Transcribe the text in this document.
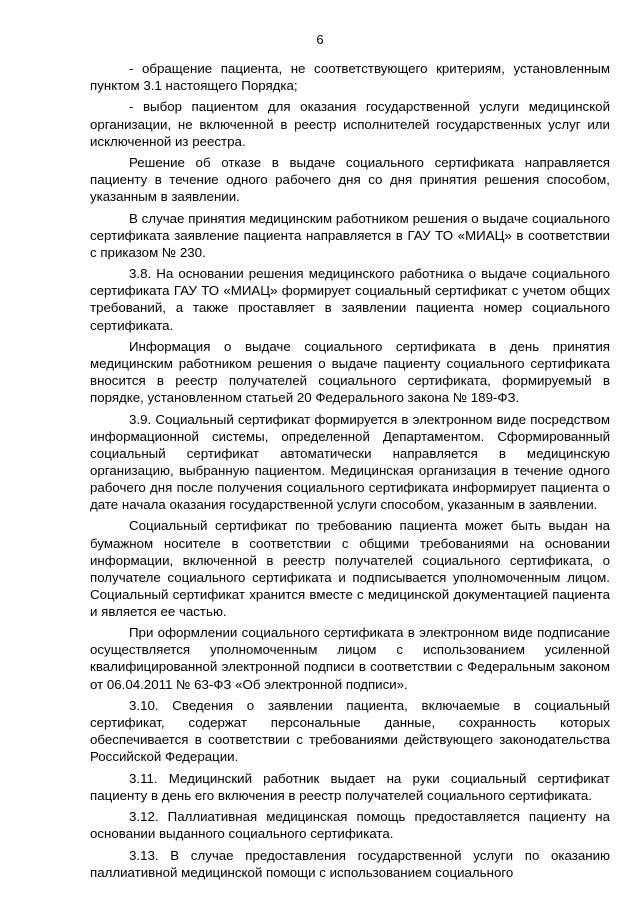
6

- обращение пациента, не соответствующего критериям, установленным пунктом 3.1 настоящего Порядка;

- выбор пациентом для оказания государственной услуги медицинской организации, не включенной в реестр исполнителей государственных услуг или исключенной из реестра.

Решение об отказе в выдаче социального сертификата направляется пациенту в течение одного рабочего дня со дня принятия решения способом, указанным в заявлении.

В случае принятия медицинским работником решения о выдаче социального сертификата заявление пациента направляется в ГАУ ТО «МИАЦ» в соответствии с приказом № 230.

3.8. На основании решения медицинского работника о выдаче социального сертификата ГАУ ТО «МИАЦ» формирует социальный сертификат с учетом общих требований, а также проставляет в заявлении пациента номер социального сертификата.

Информация о выдаче социального сертификата в день принятия медицинским работником решения о выдаче пациенту социального сертификата вносится в реестр получателей социального сертификата, формируемый в порядке, установленном статьей 20 Федерального закона № 189-ФЗ.

3.9. Социальный сертификат формируется в электронном виде посредством информационной системы, определенной Департаментом. Сформированный социальный сертификат автоматически направляется в медицинскую организацию, выбранную пациентом. Медицинская организация в течение одного рабочего дня после получения социального сертификата информирует пациента о дате начала оказания государственной услуги способом, указанным в заявлении.

Социальный сертификат по требованию пациента может быть выдан на бумажном носителе в соответствии с общими требованиями на основании информации, включенной в реестр получателей социального сертификата, о получателе социального сертификата и подписывается уполномоченным лицом. Социальный сертификат хранится вместе с медицинской документацией пациента и является ее частью.

При оформлении социального сертификата в электронном виде подписание осуществляется уполномоченным лицом с использованием усиленной квалифицированной электронной подписи в соответствии с Федеральным законом от 06.04.2011 № 63-ФЗ «Об электронной подписи».

3.10. Сведения о заявлении пациента, включаемые в социальный сертификат, содержат персональные данные, сохранность которых обеспечивается в соответствии с требованиями действующего законодательства Российской Федерации.

3.11. Медицинский работник выдает на руки социальный сертификат пациенту в день его включения в реестр получателей социального сертификата.

3.12. Паллиативная медицинская помощь предоставляется пациенту на основании выданного социального сертификата.

3.13. В случае предоставления государственной услуги по оказанию паллиативной медицинской помощи с использованием социального
